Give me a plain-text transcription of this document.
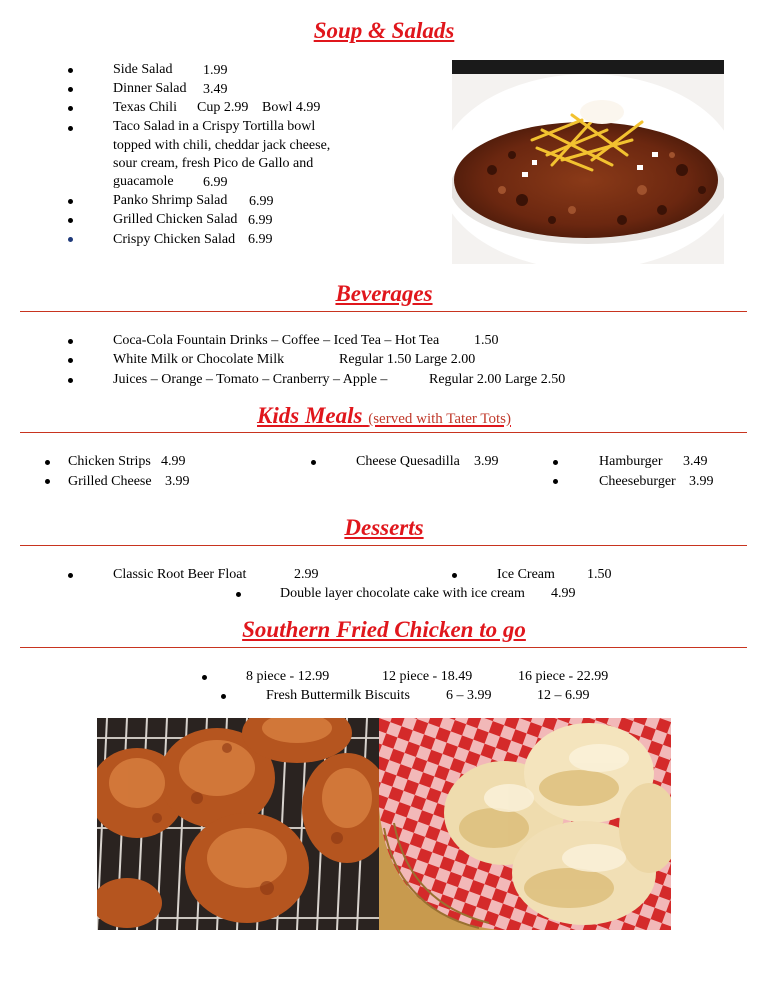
Soup & Salads
Side Salad 1.99
Dinner Salad 3.49
Texas Chili Cup 2.99 Bowl 4.99
Taco Salad in a Crispy Tortilla bowl
topped with chili, cheddar jack cheese,
sour cream, fresh Pico de Gallo and
guacamole 6.99
Panko Shrimp Salad 6.99
Grilled Chicken Salad 6.99
Crispy Chicken Salad 6.99
Beverages
Coca-Cola Fountain Drinks – Coffee – Iced Tea – Hot Tea 1.50
White Milk or Chocolate Milk	Regular 1.50 Large 2.00
Juices – Orange – Tomato – Cranberry – Apple –	Regular 2.00 Large 2.50
Kids Meals (served with Tater Tots)
Chicken Strips 4.99
Grilled Cheese 3.99
Cheese Quesadilla 3.99	Hamburger 3.49
Cheeseburger 3.99
Desserts
Classic Root Beer Float	2.99	Ice Cream 1.50
Double layer chocolate cake with ice cream 4.99
Southern Fried Chicken to go
8 piece - 12.99	12 piece - 18.49	16 piece - 22.99
Fresh Buttermilk Biscuits	6 – 3.99	12 – 6.99
